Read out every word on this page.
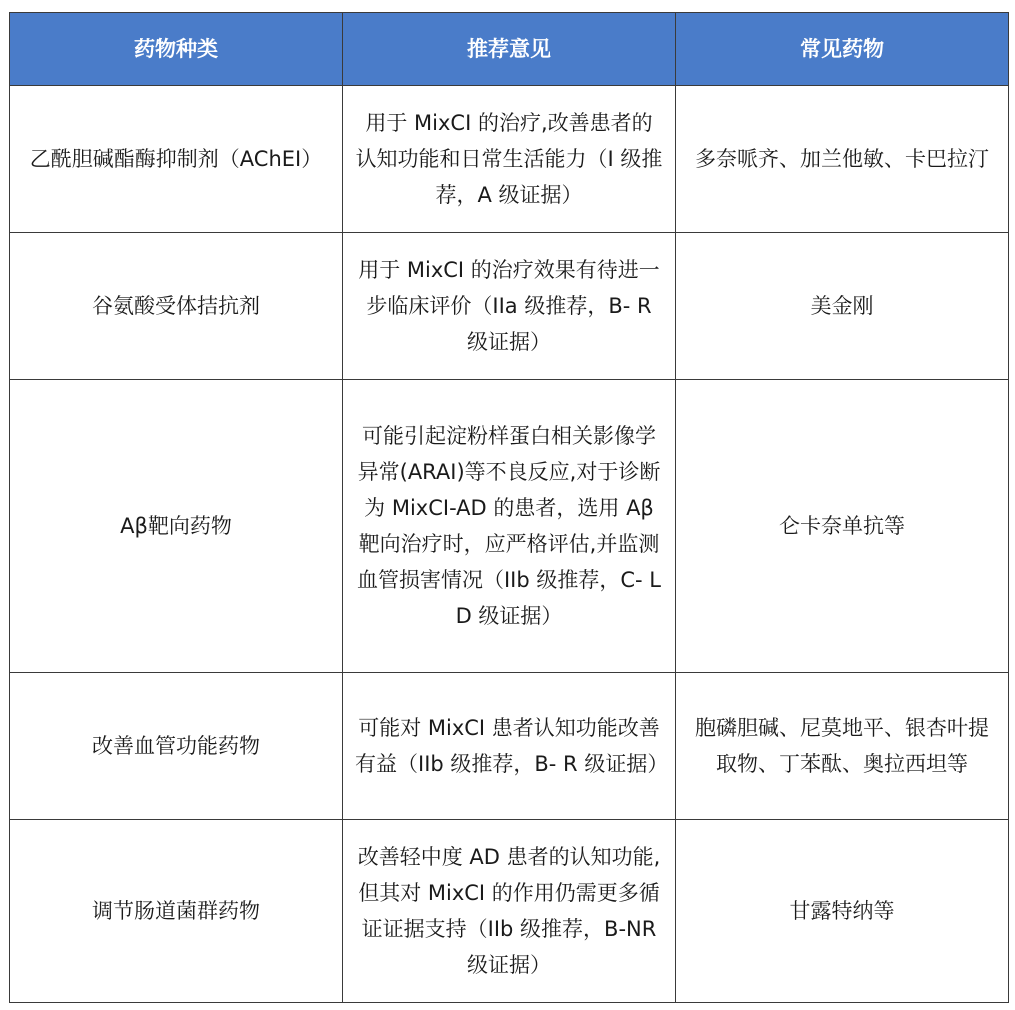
药物种类	推荐意见	常见药物
乙酰胆碱酯酶抑制剂（AChEI）	用于 MixCI 的治疗,改善患者的认知功能和日常生活能力（I 级推荐，A 级证据）	多奈哌齐、加兰他敏、卡巴拉汀
谷氨酸受体拮抗剂	用于 MixCI 的治疗效果有待进一步临床评价（IIa 级推荐，B- R 级证据）	美金刚
Aβ靶向药物	可能引起淀粉样蛋白相关影像学异常(ARAI)等不良反应,对于诊断为 MixCI-AD 的患者，选用 Aβ靶向治疗时，应严格评估,并监测血管损害情况（IIb 级推荐，C- LD 级证据）	仑卡奈单抗等
改善血管功能药物	可能对 MixCI 患者认知功能改善有益（IIb 级推荐，B- R 级证据）	胞磷胆碱、尼莫地平、银杏叶提取物、丁苯酞、奥拉西坦等
调节肠道菌群药物	改善轻中度 AD 患者的认知功能,但其对 MixCI 的作用仍需更多循证证据支持（IIb 级推荐，B-NR 级证据）	甘露特纳等
